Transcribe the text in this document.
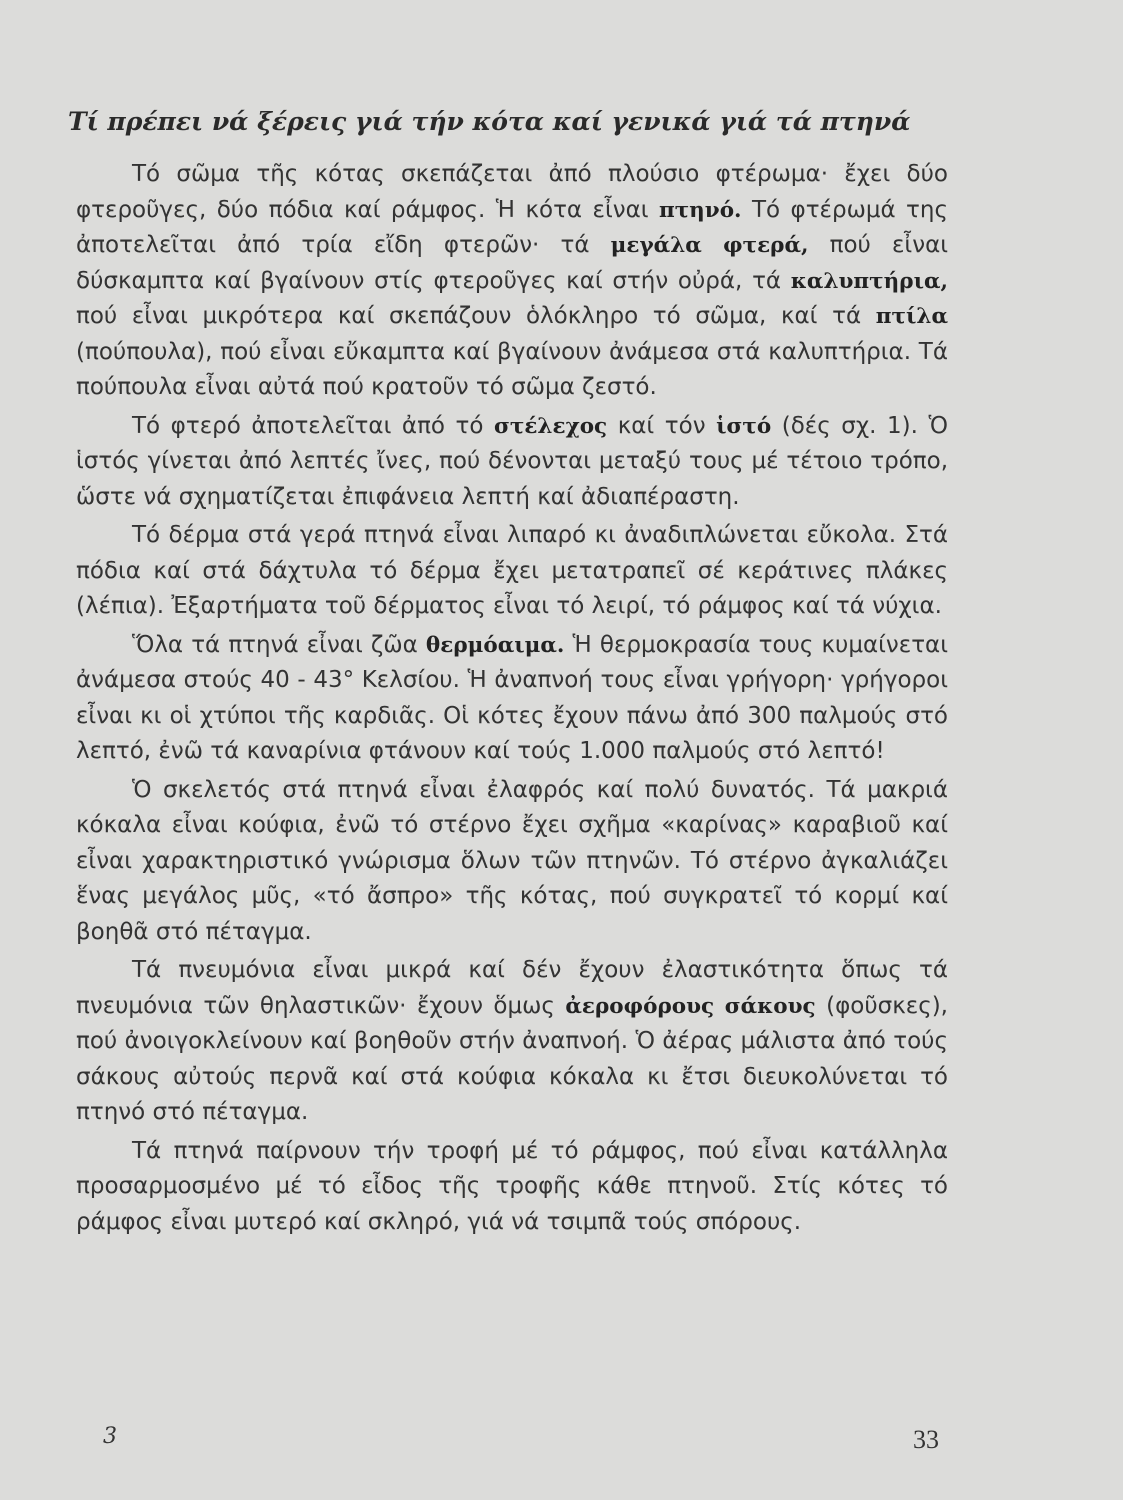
Τί πρέπει νά ξέρεις γιά τήν κότα καί γενικά γιά τά πτηνά

Τό σῶμα τῆς κότας σκεπάζεται ἀπό πλούσιο φτέρωμα· ἔχει δύο φτεροῦγες, δύο πόδια καί ράμφος. Ἡ κότα εἶναι πτηνό. Τό φτέρωμά της ἀποτελεῖται ἀπό τρία εἴδη φτερῶν· τά μεγάλα φτερά, πού εἶναι δύσκαμπτα καί βγαίνουν στίς φτεροῦγες καί στήν οὐρά, τά καλυπτήρια, πού εἶναι μικρότερα καί σκεπάζουν ὁλόκληρο τό σῶμα, καί τά πτίλα (πούπουλα), πού εἶναι εὔκαμπτα καί βγαίνουν ἀνάμεσα στά καλυπτήρια. Τά πούπουλα εἶναι αὐτά πού κρατοῦν τό σῶμα ζεστό.

Τό φτερό ἀποτελεῖται ἀπό τό στέλεχος καί τόν ἱστό (δές σχ. 1). Ὁ ἱστός γίνεται ἀπό λεπτές ἴνες, πού δένονται μεταξύ τους μέ τέτοιο τρόπο, ὥστε νά σχηματίζεται ἐπιφάνεια λεπτή καί ἀδιαπέραστη.

Τό δέρμα στά γερά πτηνά εἶναι λιπαρό κι ἀναδιπλώνεται εὔκολα. Στά πόδια καί στά δάχτυλα τό δέρμα ἔχει μετατραπεῖ σέ κεράτινες πλάκες (λέπια). Ἐξαρτήματα τοῦ δέρματος εἶναι τό λειρί, τό ράμφος καί τά νύχια.

Ὅλα τά πτηνά εἶναι ζῶα θερμόαιμα. Ἡ θερμοκρασία τους κυμαίνεται ἀνάμεσα στούς 40 - 43° Κελσίου. Ἡ ἀναπνοή τους εἶναι γρήγορη· γρήγοροι εἶναι κι οἱ χτύποι τῆς καρδιᾶς. Οἱ κότες ἔχουν πάνω ἀπό 300 παλμούς στό λεπτό, ἐνῶ τά καναρίνια φτάνουν καί τούς 1.000 παλμούς στό λεπτό!

Ὁ σκελετός στά πτηνά εἶναι ἐλαφρός καί πολύ δυνατός. Τά μακριά κόκαλα εἶναι κούφια, ἐνῶ τό στέρνο ἔχει σχῆμα «καρίνας» καραβιοῦ καί εἶναι χαρακτηριστικό γνώρισμα ὅλων τῶν πτηνῶν. Τό στέρνο ἀγκαλιάζει ἕνας μεγάλος μῦς, «τό ἄσπρο» τῆς κότας, πού συγκρατεῖ τό κορμί καί βοηθᾶ στό πέταγμα.

Τά πνευμόνια εἶναι μικρά καί δέν ἔχουν ἐλαστικότητα ὅπως τά πνευμόνια τῶν θηλαστικῶν· ἔχουν ὅμως ἀεροφόρους σάκους (φοῦσκες), πού ἀνοιγοκλείνουν καί βοηθοῦν στήν ἀναπνοή. Ὁ ἀέρας μάλιστα ἀπό τούς σάκους αὐτούς περνᾶ καί στά κούφια κόκαλα κι ἔτσι διευκολύνεται τό πτηνό στό πέταγμα.

Τά πτηνά παίρνουν τήν τροφή μέ τό ράμφος, πού εἶναι κατάλληλα προσαρμοσμένο μέ τό εἶδος τῆς τροφῆς κάθε πτηνοῦ. Στίς κότες τό ράμφος εἶναι μυτερό καί σκληρό, γιά νά τσιμπᾶ τούς σπόρους.

3	33
